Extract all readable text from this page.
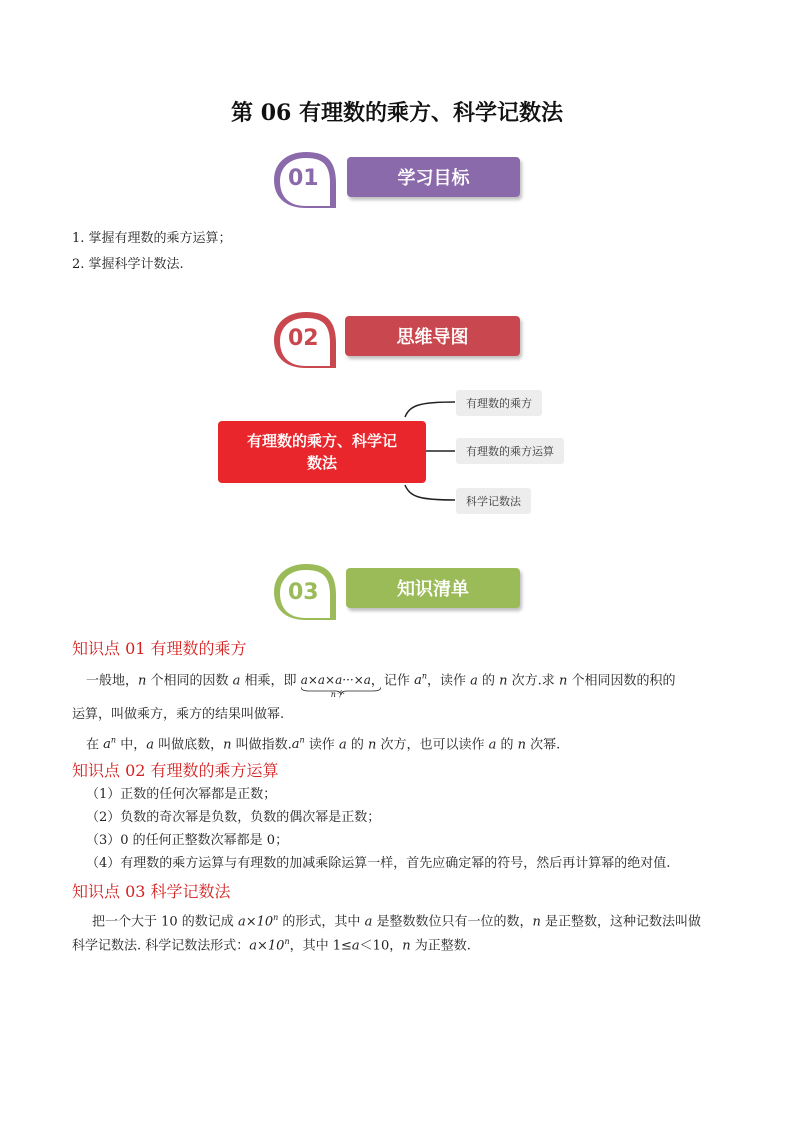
第 06 有理数的乘方、科学记数法
01	学习目标
1. 掌握有理数的乘方运算；
2. 掌握科学计数法.
02	思维导图
有理数的乘方、科学记
数法
有理数的乘方
有理数的乘方运算
科学记数法
03	知识清单
知识点 01 有理数的乘方
一般地，n 个相同的因数 a 相乘，即 a×a×a···×a
n个
，记作 $a^n$，读作 a 的 n 次方.求 n 个相同因数的积的
运算，叫做乘方，乘方的结果叫做幂.
在 $a^n$ 中，a 叫做底数，n 叫做指数$.a^n$ 读作 a 的 n 次方，也可以读作 a 的 n 次幂.
知识点 02 有理数的乘方运算
（1）正数的任何次幂都是正数；
（2）负数的奇次幂是负数，负数的偶次幂是正数；
（3）0 的任何正整数次幂都是 0；
（4）有理数的乘方运算与有理数的加减乘除运算一样，首先应确定幂的符号，然后再计算幂的绝对值.
知识点 03 科学记数法
把一个大于 10 的数记成 $a\times 10^n$ 的形式，其中 a 是整数数位只有一位的数，n 是正整数，这种记数法叫做
科学记数法. 科学记数法形式：$a\times 10^n$，其中 1≤a＜10，n 为正整数.
